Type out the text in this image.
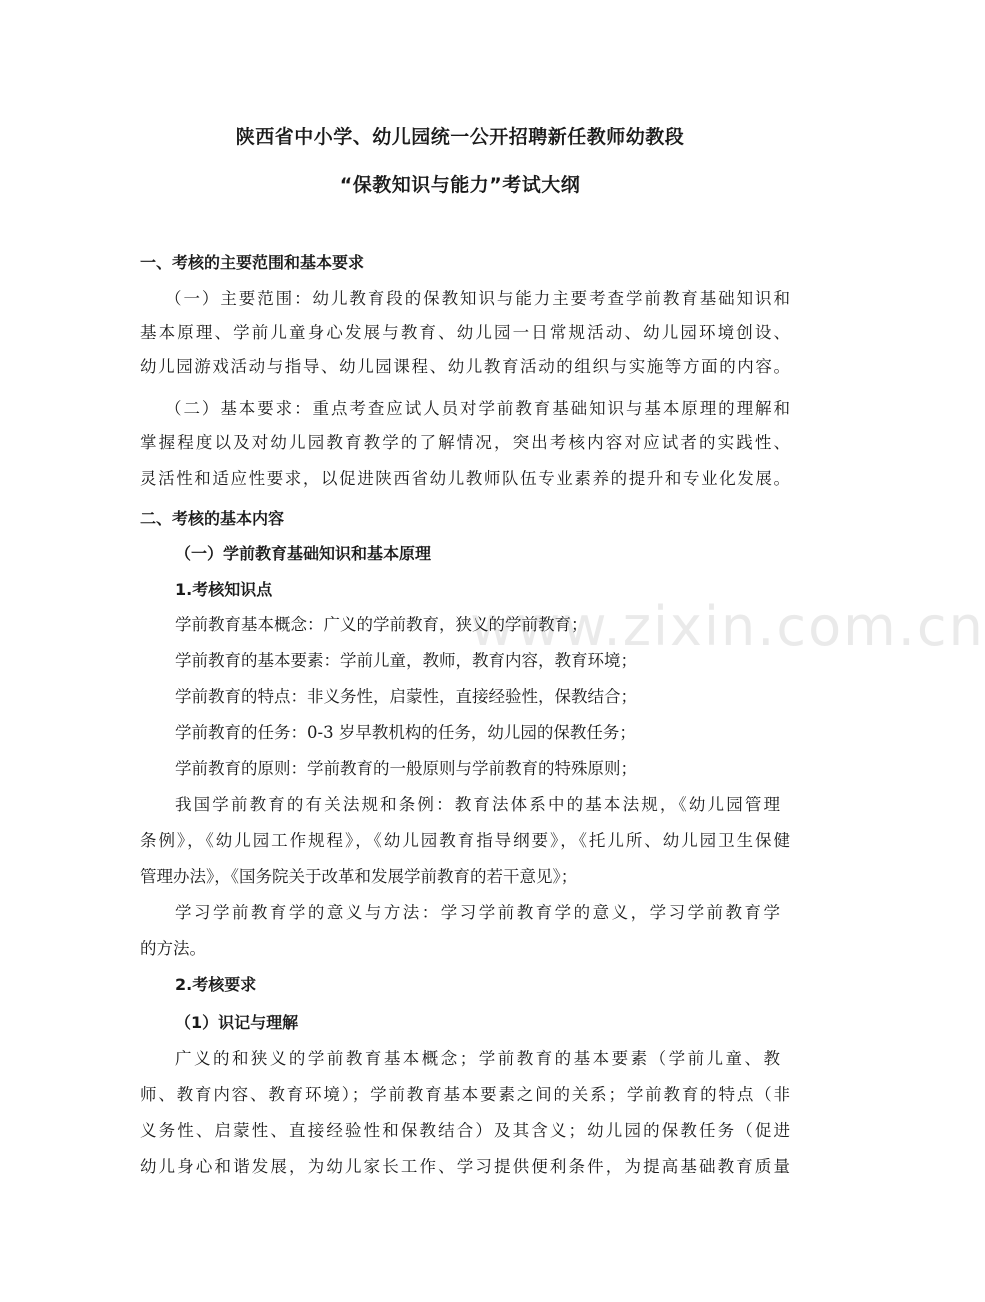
www.zixin.com.cn
陕西省中小学、幼儿园统一公开招聘新任教师幼教段
“保教知识与能力”考试大纲
一、考核的主要范围和基本要求
（一）主要范围：幼儿教育段的保教知识与能力主要考查学前教育基础知识和
基本原理、学前儿童身心发展与教育、幼儿园一日常规活动、幼儿园环境创设、
幼儿园游戏活动与指导、幼儿园课程、幼儿教育活动的组织与实施等方面的内容。
（二）基本要求：重点考查应试人员对学前教育基础知识与基本原理的理解和
掌握程度以及对幼儿园教育教学的了解情况，突出考核内容对应试者的实践性、
灵活性和适应性要求，以促进陕西省幼儿教师队伍专业素养的提升和专业化发展。
二、考核的基本内容
（一）学前教育基础知识和基本原理
1.考核知识点
学前教育基本概念：广义的学前教育，狭义的学前教育；
学前教育的基本要素：学前儿童，教师，教育内容，教育环境；
学前教育的特点：非义务性，启蒙性，直接经验性，保教结合；
学前教育的任务：0-3 岁早教机构的任务，幼儿园的保教任务；
学前教育的原则：学前教育的一般原则与学前教育的特殊原则；
我国学前教育的有关法规和条例：教育法体系中的基本法规，《幼儿园管理
条例》，《幼儿园工作规程》，《幼儿园教育指导纲要》，《托儿所、幼儿园卫生保健
管理办法》，《国务院关于改革和发展学前教育的若干意见》；
学习学前教育学的意义与方法：学习学前教育学的意义，学习学前教育学
的方法。
2.考核要求
（1）识记与理解
广义的和狭义的学前教育基本概念；学前教育的基本要素（学前儿童、教
师、教育内容、教育环境）；学前教育基本要素之间的关系；学前教育的特点（非
义务性、启蒙性、直接经验性和保教结合）及其含义；幼儿园的保教任务（促进
幼儿身心和谐发展，为幼儿家长工作、学习提供便利条件，为提高基础教育质量
